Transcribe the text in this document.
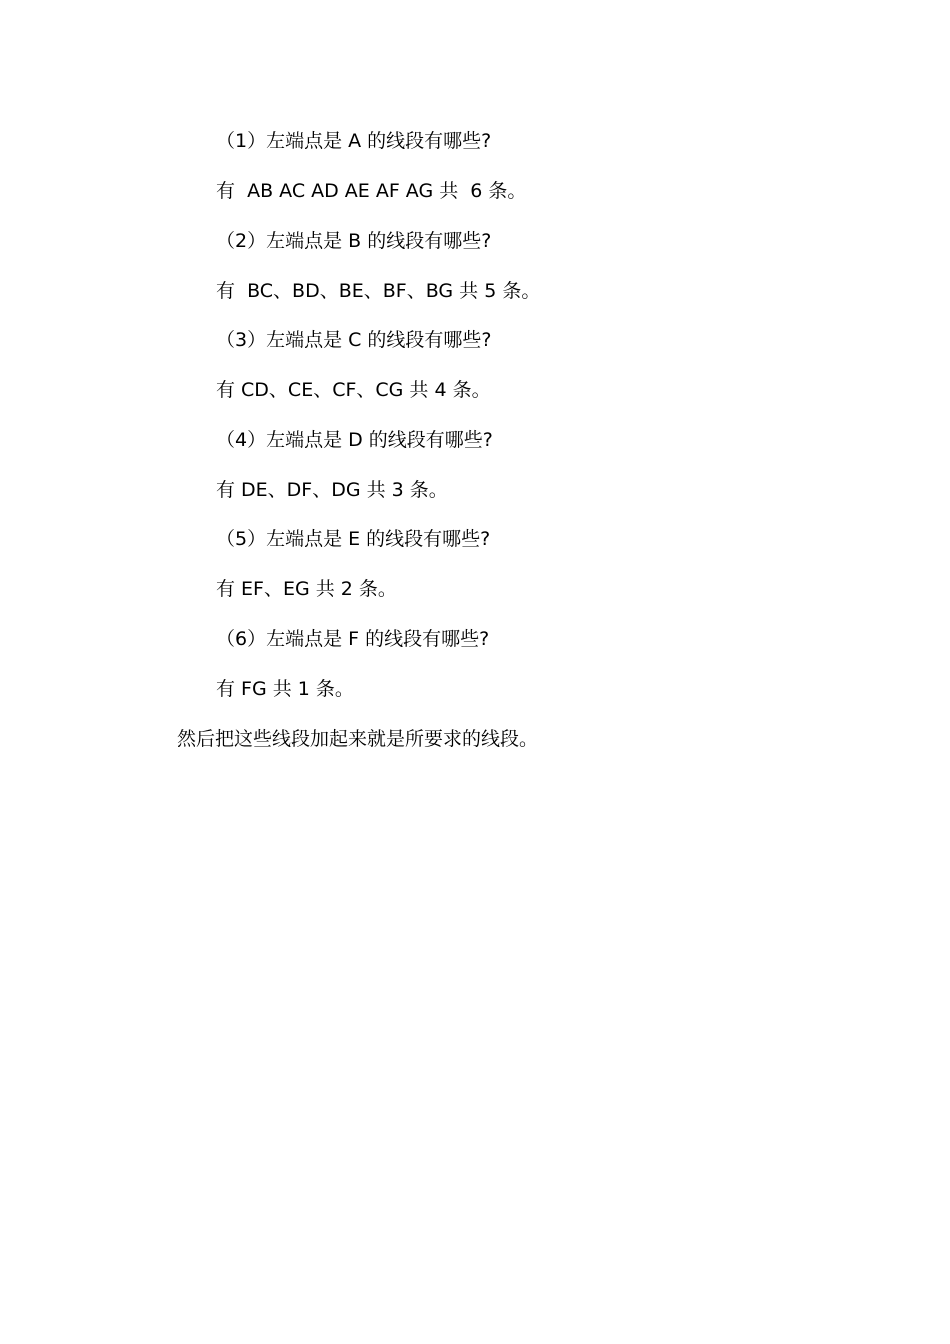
（1）左端点是 A 的线段有哪些?
有  AB AC AD AE AF AG 共  6 条。
（2）左端点是 B 的线段有哪些?
有  BC、BD、BE、BF、BG 共 5 条。
（3）左端点是 C 的线段有哪些?
有 CD、CE、CF、CG 共 4 条。
（4）左端点是 D 的线段有哪些?
有 DE、DF、DG 共 3 条。
（5）左端点是 E 的线段有哪些?
有 EF、EG 共 2 条。
（6）左端点是 F 的线段有哪些?
有 FG 共 1 条。
然后把这些线段加起来就是所要求的线段。
